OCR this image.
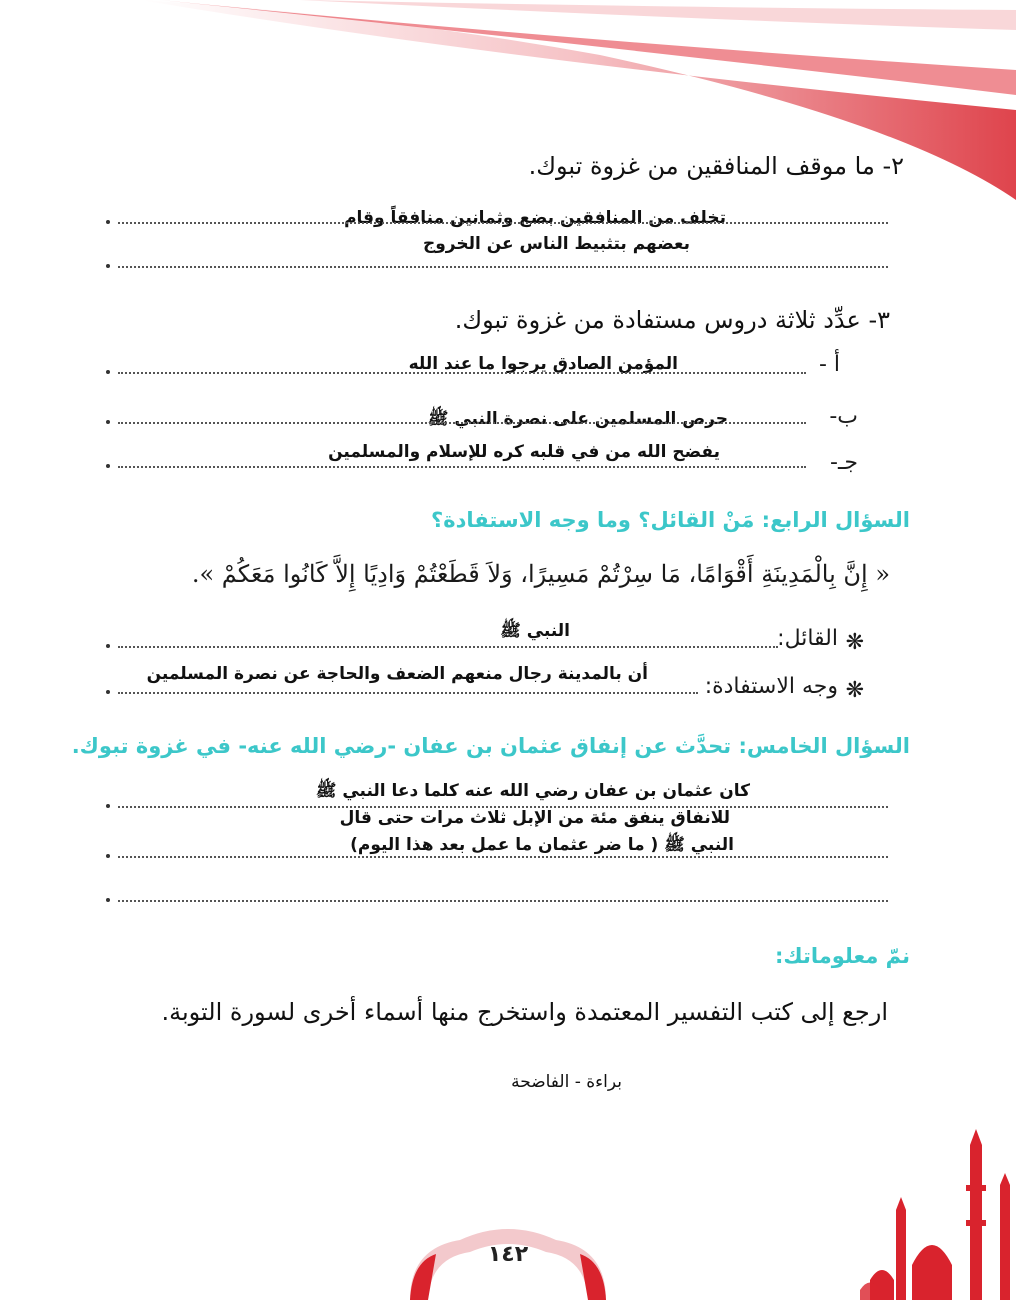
٢- ما موقف المنافقين من غزوة تبوك.
تخلف من المنافقين بضع وثمانين منافقاً وقام
بعضهم بتثبيط الناس عن الخروج
٣- عدِّد ثلاثة دروس مستفادة من غزوة تبوك.
أ -
المؤمن الصادق يرجوا ما عند الله
ب-
حرص المسلمين على نصرة النبي ﷺ
جـ-
يفضح الله من في قلبه كره للإسلام والمسلمين
السؤال الرابع: مَنْ القائل؟ وما وجه الاستفادة؟
« إِنَّ بِالْمَدِينَةِ أَقْوَامًا، مَا سِرْتُمْ مَسِيرًا، وَلاَ قَطَعْتُمْ وَادِيًا إِلاَّ كَانُوا مَعَكُمْ ».
❋
القائل:
النبي ﷺ
❋
وجه الاستفادة:
أن بالمدينة رجال منعهم الضعف والحاجة عن نصرة المسلمين
السؤال الخامس: تحدَّث عن إنفاق عثمان بن عفان -رضي الله عنه- في غزوة تبوك.
كان عثمان بن عفان رضي الله عنه كلما دعا النبي ﷺ
للانفاق ينفق مئة من الإبل ثلاث مرات حتى قال
النبي ﷺ ( ما ضر عثمان ما عمل بعد هذا اليوم)
نمّ معلوماتك:
ارجع إلى كتب التفسير المعتمدة واستخرج منها أسماء أخرى لسورة التوبة.
براءة - الفاضحة
١٤٢
